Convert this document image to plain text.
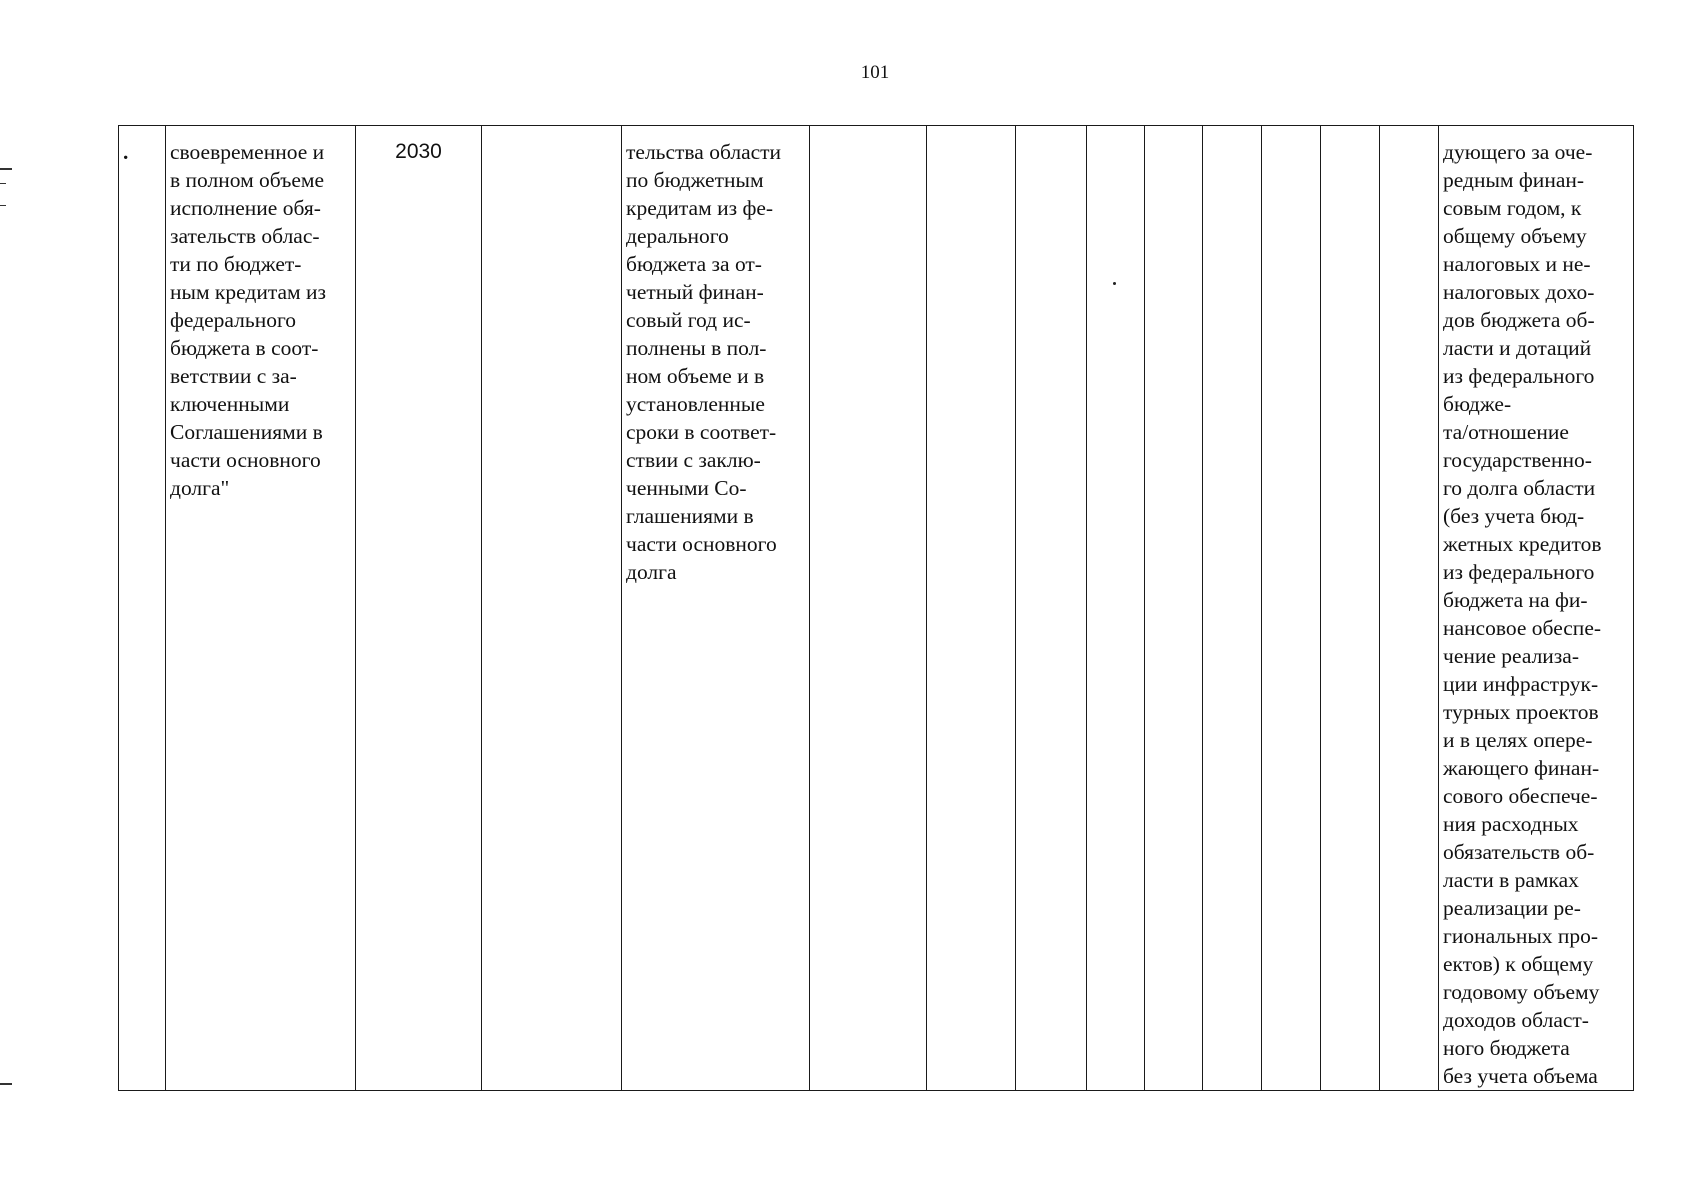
101
.	своевременное и
в полном объеме
исполнение обя-
зательств облас-
ти по бюджет-
ным кредитам из
федерального
бюджета в соот-
ветствии с за-
ключенными
Соглашениями в
части основного
долга"	2030		тельства области
по бюджетным
кредитам из фе-
дерального
бюджета за от-
четный финан-
совый год ис-
полнены в пол-
ном объеме и в
установленные
сроки в соответ-
ствии с заклю-
ченными Со-
глашениями в
части основного
долга										дующего за оче-
редным финан-
совым годом, к
общему объему
налоговых и не-
налоговых дохо-
дов бюджета об-
ласти и дотаций
из федерального
бюдже-
та/отношение
государственно-
го долга области
(без учета бюд-
жетных кредитов
из федерального
бюджета на фи-
нансовое обеспе-
чение реализа-
ции инфраструк-
турных проектов
и в целях опере-
жающего финан-
сового обеспече-
ния расходных
обязательств об-
ласти в рамках
реализации ре-
гиональных про-
ектов) к общему
годовому объему
доходов област-
ного бюджета
без учета объема
